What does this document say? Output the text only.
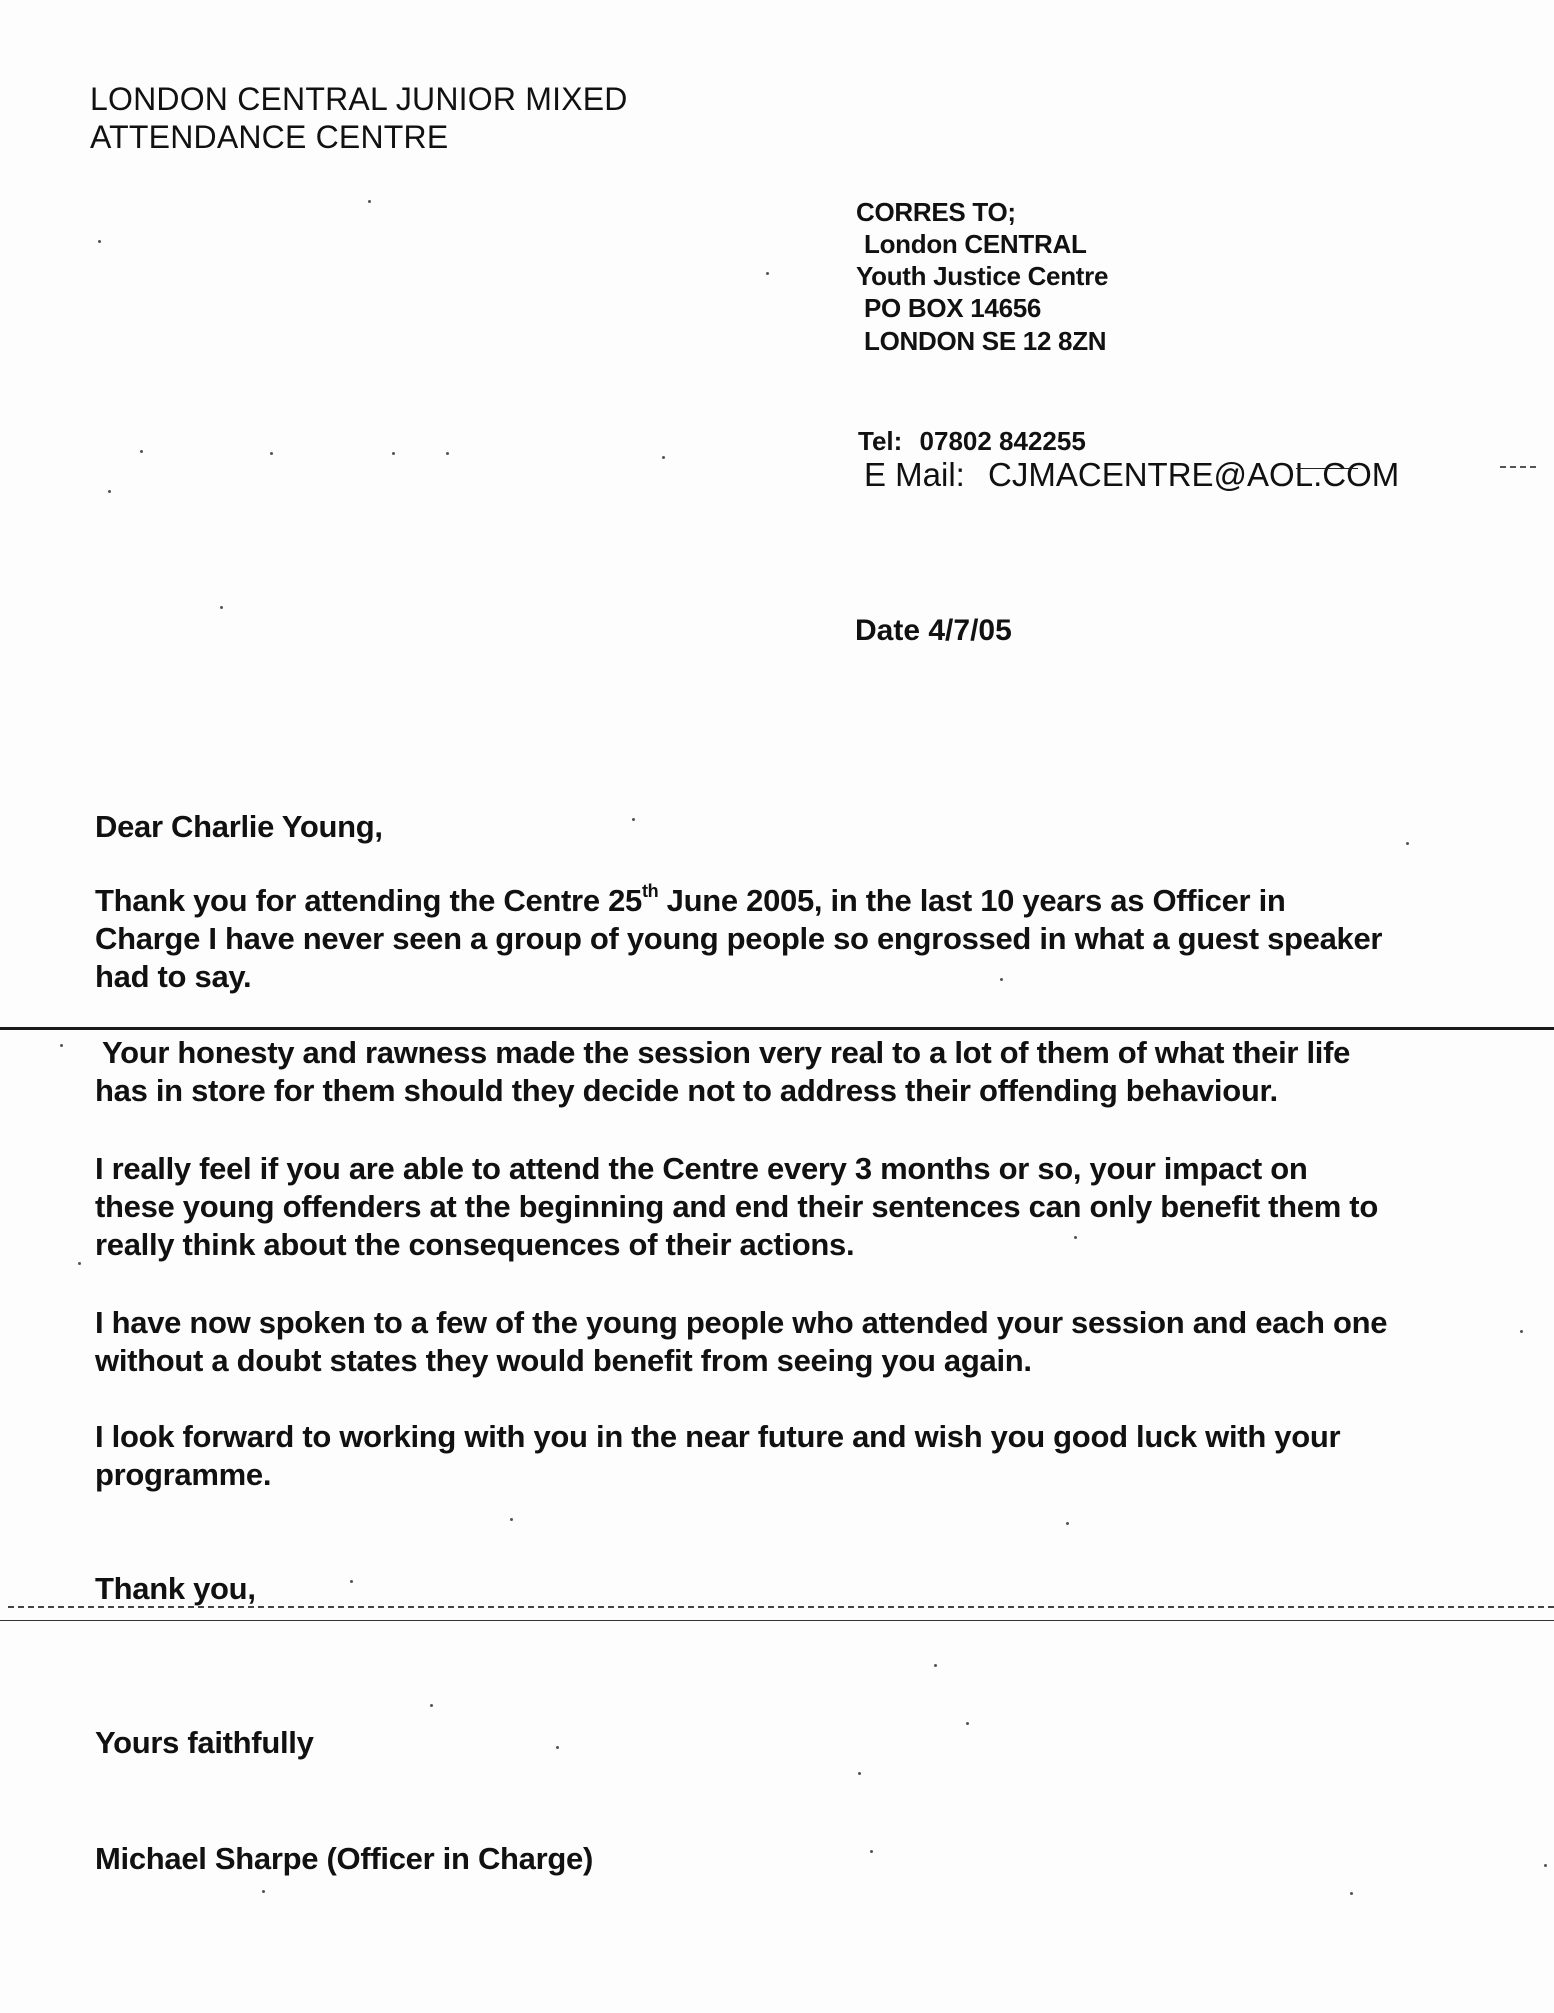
LONDON CENTRAL JUNIOR MIXED
ATTENDANCE CENTRE
CORRES TO;
London CENTRAL
Youth Justice Centre
PO BOX 14656
LONDON SE 12 8ZN
Tel: 07802 842255
E Mail: CJMACENTRE@AOL.COM
Date 4/7/05
Dear Charlie Young,
Thank you for attending the Centre 25th June 2005, in the last 10 years as Officer in
Charge I have never seen a group of young people so engrossed in what a guest speaker
had to say.
Your honesty and rawness made the session very real to a lot of them of what their life
has in store for them should they decide not to address their offending behaviour.
I really feel if you are able to attend the Centre every 3 months or so, your impact on
these young offenders at the beginning and end their sentences can only benefit them to
really think about the consequences of their actions.
I have now spoken to a few of the young people who attended your session and each one
without a doubt states they would benefit from seeing you again.
I look forward to working with you in the near future and wish you good luck with your
programme.
Thank you,
Yours faithfully
Michael Sharpe (Officer in Charge)
